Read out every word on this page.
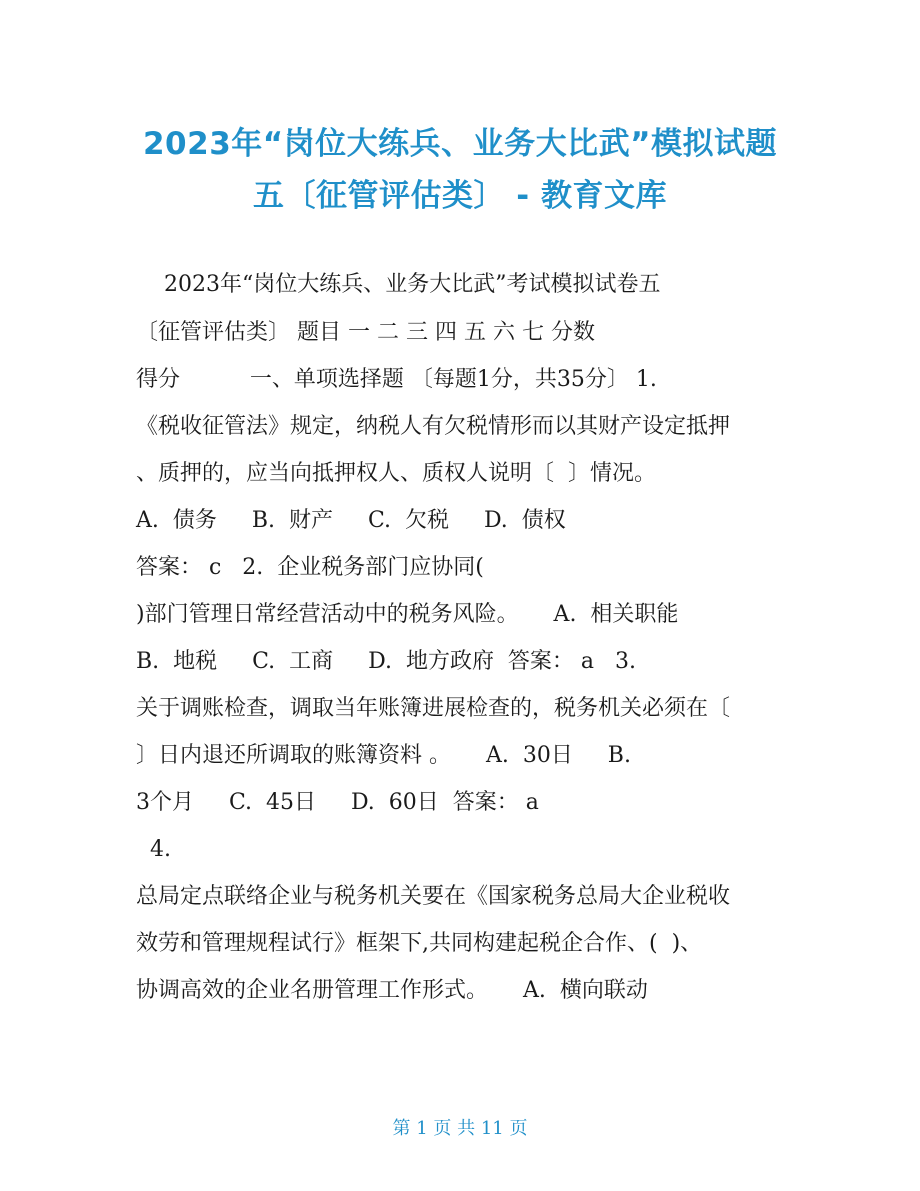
2023年“岗位大练兵、业务大比武”模拟试题
五〔征管评估类〕 - 教育文库
2023年“岗位大练兵、业务大比武”考试模拟试卷五
〔征管评估类〕 题目 一 二 三 四 五 六 七 分数
得分          一、单项选择题 〔每题1分，共35分〕 1.
《税收征管法》规定，纳税人有欠税情形而以其财产设定抵押
、质押的，应当向抵押权人、质权人说明〔  〕情况。
A.  债务     B.  财产     C.  欠税     D.  债权
答案： c   2.  企业税务部门应协同(
)部门管理日常经营活动中的税务风险。     A.  相关职能
B.  地税     C.  工商     D.  地方政府  答案： a   3.
关于调账检查，调取当年账簿进展检查的，税务机关必须在〔
〕日内退还所调取的账簿资料 。     A.  30日     B.
3个月     C.  45日     D.  60日  答案： a
4.
总局定点联络企业与税务机关要在《国家税务总局大企业税收
效劳和管理规程试行》框架下,共同构建起税企合作、(  )、
协调高效的企业名册管理工作形式。     A.  横向联动
第 1 页 共 11 页
